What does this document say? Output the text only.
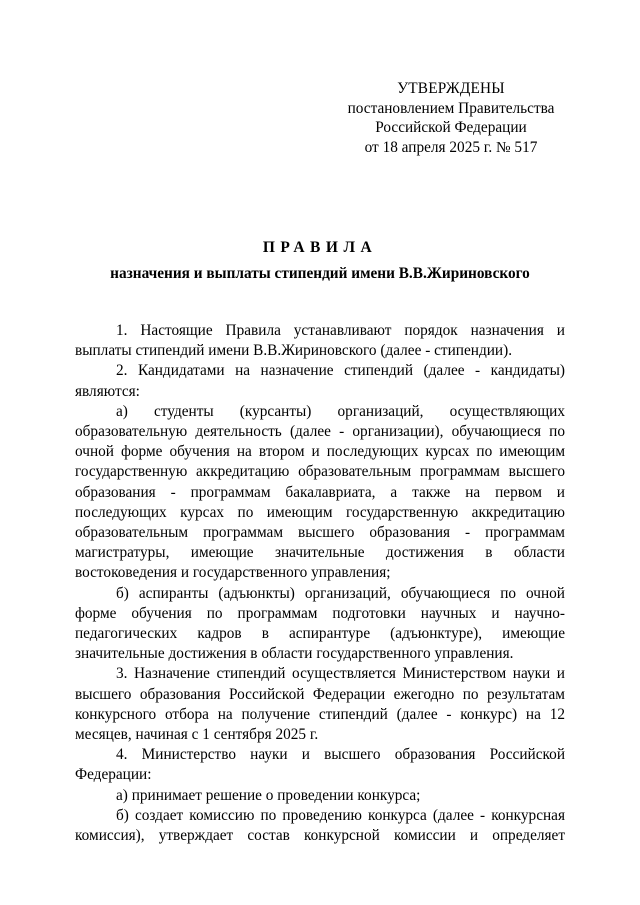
УТВЕРЖДЕНЫ
постановлением Правительства
Российской Федерации
от 18 апреля 2025 г. № 517
ПРАВИЛА
назначения и выплаты стипендий имени В.В.Жириновского

1. Настоящие Правила устанавливают порядок назначения и выплаты стипендий имени В.В.Жириновского (далее - стипендии).

2. Кандидатами на назначение стипендий (далее - кандидаты) являются:

а) студенты (курсанты) организаций, осуществляющих образовательную деятельность (далее - организации), обучающиеся по очной форме обучения на втором и последующих курсах по имеющим государственную аккредитацию образовательным программам высшего образования - программам бакалавриата, а также на первом и последующих курсах по имеющим государственную аккредитацию образовательным программам высшего образования - программам магистратуры, имеющие значительные достижения в области востоковедения и государственного управления;

б) аспиранты (адъюнкты) организаций, обучающиеся по очной форме обучения по программам подготовки научных и научно-педагогических кадров в аспирантуре (адъюнктуре), имеющие значительные достижения в области государственного управления.

3. Назначение стипендий осуществляется Министерством науки и высшего образования Российской Федерации ежегодно по результатам конкурсного отбора на получение стипендий (далее - конкурс) на 12 месяцев, начиная с 1 сентября 2025 г.

4. Министерство науки и высшего образования Российской Федерации:

а) принимает решение о проведении конкурса;

б) создает комиссию по проведению конкурса (далее - конкурсная комиссия), утверждает состав конкурсной комиссии и определяет
